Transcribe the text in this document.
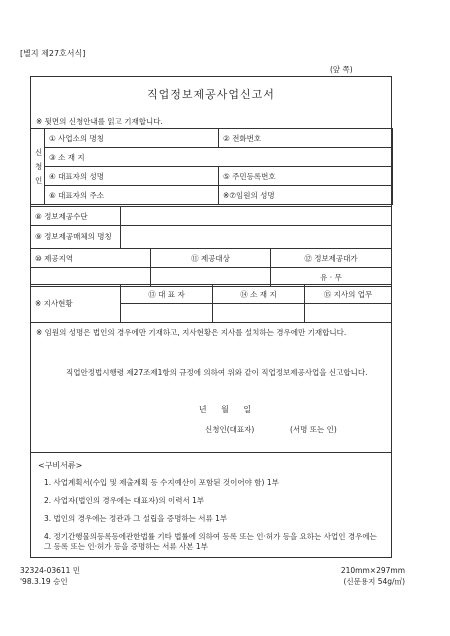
[별지 제27호서식]
(앞 쪽)
직업정보제공사업신고서
※ 뒷면의 신청안내를 읽고 기재합니다.
신
청
인	① 사업소의 명칭	② 전화번호
	③ 소 재 지	
	④ 대표자의 성명	⑤ 주민등록번호
	⑥ 대표자의 주소	※⑦임원의 성명
⑧ 정보제공수단	
⑨ 정보제공매체의 명칭	
⑩ 제공지역	⑪ 제공대상	⑫ 정보제공대가
		유 · 무
※ 지사현황	⑬ 대 표 자	⑭ 소 재 지	⑮ 지사의 업무

※ 임원의 성명은 법인의 경우에만 기재하고, 지사현황은 지사를 설치하는 경우에만 기재합니다.
직업안정법시행령 제27조제1항의 규정에 의하여 위와 같이 직업정보제공사업을 신고합니다.
년 월 일
신청인(대표자)	(서명 또는 인)
<구비서류>
1. 사업계획서(수입 및 제출계획 등 수지예산이 포함된 것이어야 함) 1부
2. 사업자(법인의 경우에는 대표자)의 이력서 1부
3. 법인의 경우에는 정관과 그 설립을 증명하는 서류 1부
4. 정기간행물의등록등에관한법률 기타 법률에 의하여 등록 또는 인·허가 등을 요하는 사업인 경우에는 그 등록 또는 인·허가 등을 증명하는 서류 사본 1부
32324-03611 민
'98.3.19 승인
210mm×297mm
(신문용지 54g/㎡)
